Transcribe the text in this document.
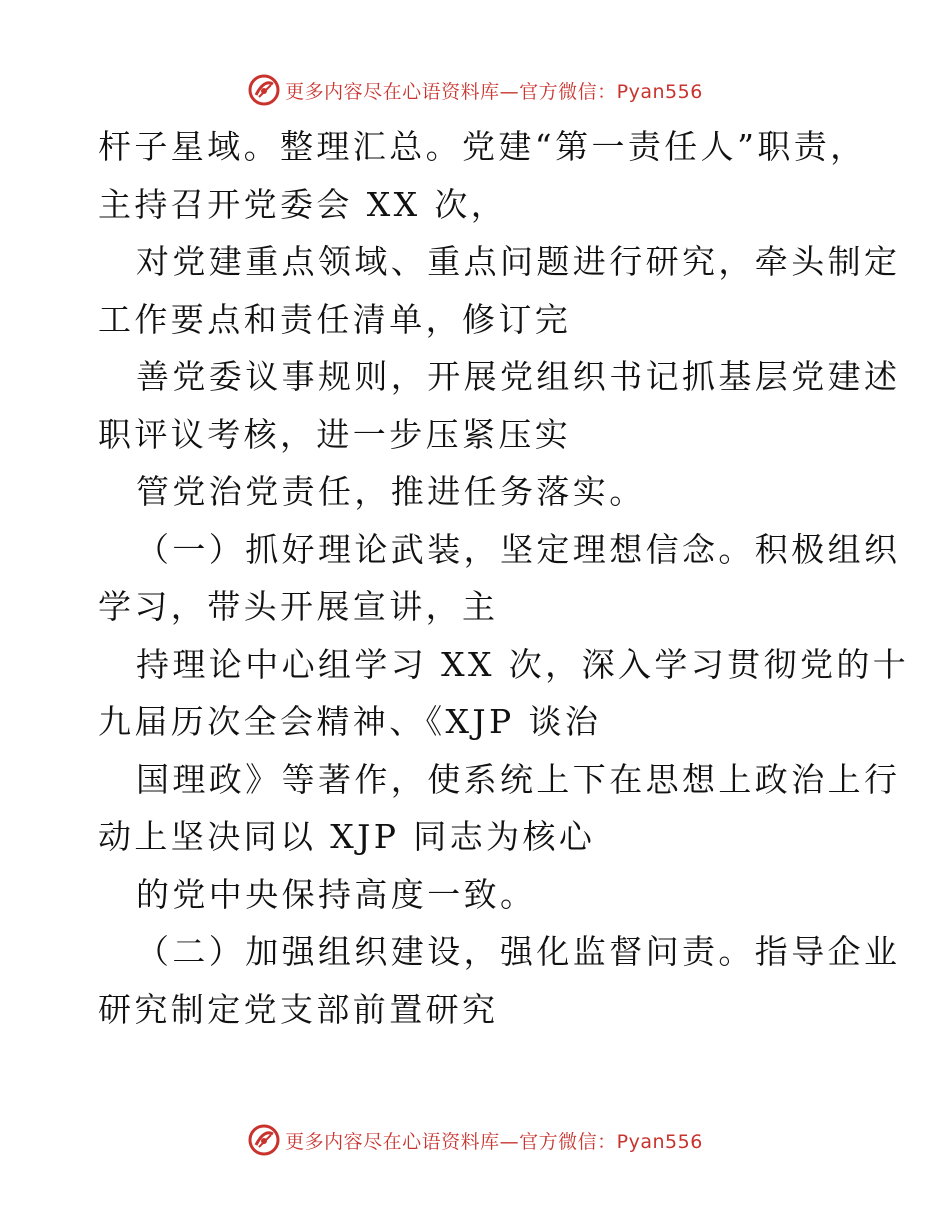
更多内容尽在心语资料库—官方微信：Pyan556
杆子星域。整理汇总。党建“第一责任人”职责，
主持召开党委会 XX 次，
对党建重点领域、重点问题进行研究，牵头制定
工作要点和责任清单，修订完
善党委议事规则，开展党组织书记抓基层党建述
职评议考核，进一步压紧压实
管党治党责任，推进任务落实。
（一）抓好理论武装，坚定理想信念。积极组织
学习，带头开展宣讲，主
持理论中心组学习 XX 次，深入学习贯彻党的十
九届历次全会精神、《XJP 谈治
国理政》等著作，使系统上下在思想上政治上行
动上坚决同以 XJP 同志为核心
的党中央保持高度一致。
（二）加强组织建设，强化监督问责。指导企业
研究制定党支部前置研究
更多内容尽在心语资料库—官方微信：Pyan556
